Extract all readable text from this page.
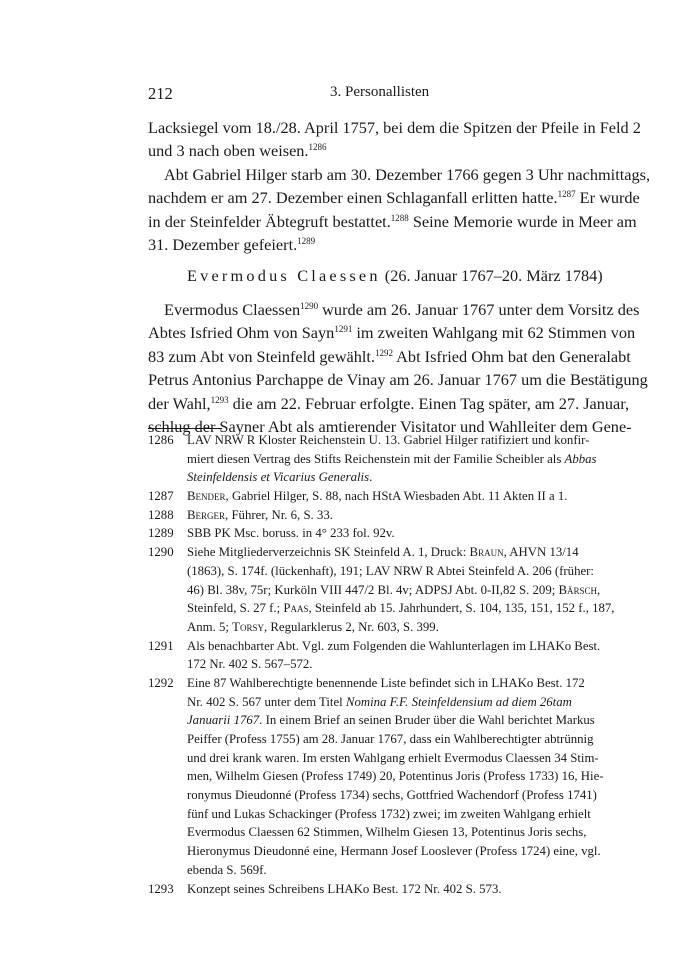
212	3. Personallisten
Lacksiegel vom 18./28. April 1757, bei dem die Spitzen der Pfeile in Feld 2
und 3 nach oben weisen.$^{1286}$
Abt Gabriel Hilger starb am 30. Dezember 1766 gegen 3 Uhr nachmittags,
nachdem er am 27. Dezember einen Schlaganfall erlitten hatte.$^{1287}$ Er wurde
in der Steinfelder Äbtegruft bestattet.$^{1288}$ Seine Memorie wurde in Meer am
31. Dezember gefeiert.$^{1289}$
Evermodus Claessen (26. Januar 1767–20. März 1784)
Evermodus Claessen$^{1290}$ wurde am 26. Januar 1767 unter dem Vorsitz des
Abtes Isfried Ohm von Sayn$^{1291}$ im zweiten Wahlgang mit 62 Stimmen von
83 zum Abt von Steinfeld gewählt.$^{1292}$ Abt Isfried Ohm bat den Generalabt
Petrus Antonius Parchappe de Vinay am 26. Januar 1767 um die Bestätigung
der Wahl,$^{1293}$ die am 22. Februar erfolgte. Einen Tag später, am 27. Januar,
schlug der Sayner Abt als amtierender Visitator und Wahlleiter dem Gene-
1286 LAV NRW R Kloster Reichenstein U. 13. Gabriel Hilger ratifiziert und konfir-
miert diesen Vertrag des Stifts Reichenstein mit der Familie Scheibler als Abbas
Steinfeldensis et Vicarius Generalis.
1287 Bender, Gabriel Hilger, S. 88, nach HStA Wiesbaden Abt. 11 Akten II a 1.
1288 Berger, Führer, Nr. 6, S. 33.
1289 SBB PK Msc. boruss. in 4° 233 fol. 92v.
1290 Siehe Mitgliederverzeichnis SK Steinfeld A. 1, Druck: Braun, AHVN 13/14
(1863), S. 174f. (lückenhaft), 191; LAV NRW R Abtei Steinfeld A. 206 (früher:
46) Bl. 38v, 75r; Kurköln VIII 447/2 Bl. 4v; ADPSJ Abt. 0-II,82 S. 209; Bärsch,
Steinfeld, S. 27 f.; Paas, Steinfeld ab 15. Jahrhundert, S. 104, 135, 151, 152 f., 187,
Anm. 5; Torsy, Regularklerus 2, Nr. 603, S. 399.
1291 Als benachbarter Abt. Vgl. zum Folgenden die Wahlunterlagen im LHAKo Best.
172 Nr. 402 S. 567–572.
1292 Eine 87 Wahlberechtigte benennende Liste befindet sich in LHAKo Best. 172
Nr. 402 S. 567 unter dem Titel Nomina F.F. Steinfeldensium ad diem 26tam
Januarii 1767. In einem Brief an seinen Bruder über die Wahl berichtet Markus
Peiffer (Profess 1755) am 28. Januar 1767, dass ein Wahlberechtigter abtrünnig
und drei krank waren. Im ersten Wahlgang erhielt Evermodus Claessen 34 Stim-
men, Wilhelm Giesen (Profess 1749) 20, Potentinus Joris (Profess 1733) 16, Hie-
ronymus Dieudonné (Profess 1734) sechs, Gottfried Wachendorf (Profess 1741)
fünf und Lukas Schackinger (Profess 1732) zwei; im zweiten Wahlgang erhielt
Evermodus Claessen 62 Stimmen, Wilhelm Giesen 13, Potentinus Joris sechs,
Hieronymus Dieudonné eine, Hermann Josef Looslever (Profess 1724) eine, vgl.
ebenda S. 569f.
1293 Konzept seines Schreibens LHAKo Best. 172 Nr. 402 S. 573.
